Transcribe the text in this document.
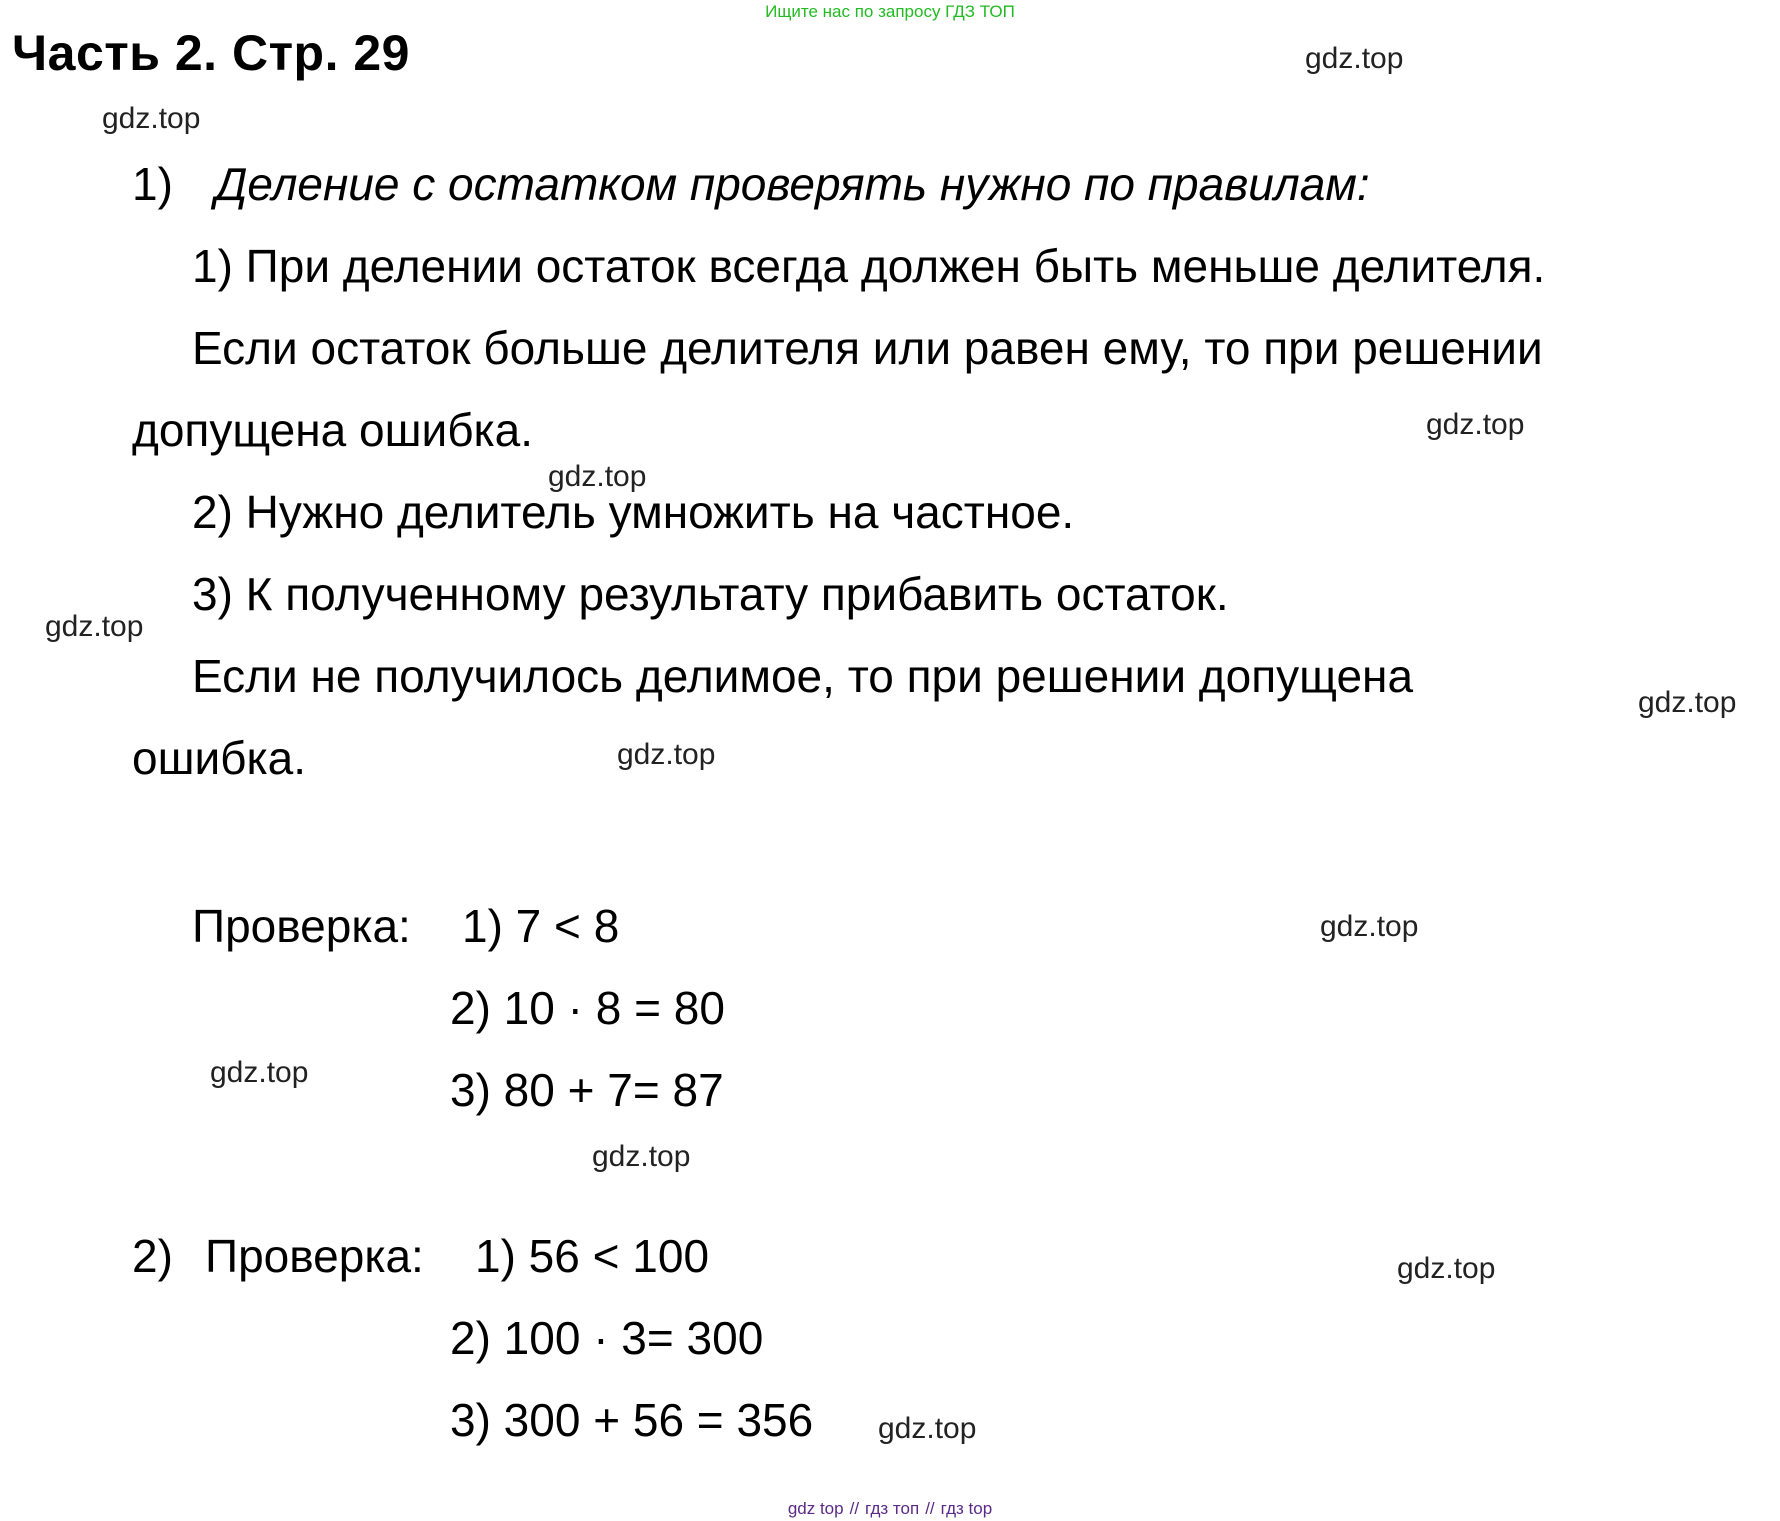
Ищите нас по запросу ГДЗ ТОП
Часть 2. Стр. 29
1) Деление с остатком проверять нужно по правилам:
1) При делении остаток всегда должен быть меньше делителя.
Если остаток больше делителя или равен ему, то при решении
допущена ошибка.
2) Нужно делитель умножить на частное.
3) К полученному результату прибавить остаток.
Если не получилось делимое, то при решении допущена
ошибка.
Проверка: 1) 7 < 8
2) 10 · 8 = 80
3) 80 + 7= 87
2) Проверка: 1) 56 < 100
2) 100 · 3= 300
3) 300 + 56 = 356
gdz.top
gdz.top
gdz.top
gdz.top
gdz.top
gdz.top
gdz.top
gdz.top
gdz.top
gdz.top
gdz.top
gdz.top
gdz top // гдз топ // гдз top
